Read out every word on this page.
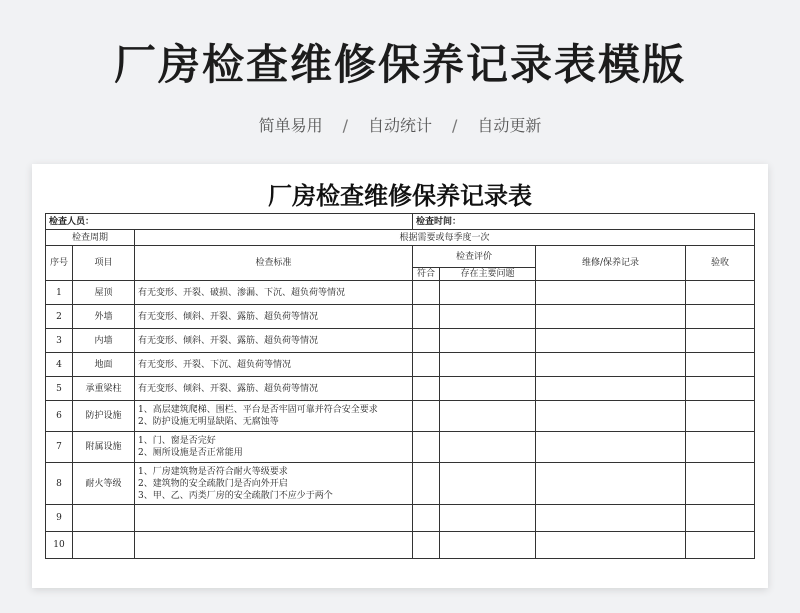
厂房检查维修保养记录表模版
简单易用 / 自动统计 / 自动更新
厂房检查维修保养记录表
检查人员：			检查时间：			
检查周期		根据需要或每季度一次				
序号	项目	检查标准	检查评价		维修/保养记录	验收
			符合	存在主要问题		
1	屋顶	有无变形、开裂、破损、渗漏、下沉、超负荷等情况				

2	外墙	有无变形、倾斜、开裂、露筋、超负荷等情况				

3	内墙	有无变形、倾斜、开裂、露筋、超负荷等情况				

4	地面	有无变形、开裂、下沉、超负荷等情况				

5	承重梁柱	有无变形、倾斜、开裂、露筋、超负荷等情况				

6	防护设施	1、高层建筑爬梯、围栏、平台是否牢固可靠并符合安全要求
2、防护设施无明显缺陷、无腐蚀等				

7	附属设施	1、门、窗是否完好
2、厕所设施是否正常能用				

8	耐火等级	1、厂房建筑物是否符合耐火等级要求
2、建筑物的安全疏散门是否向外开启
3、甲、乙、丙类厂房的安全疏散门不应少于两个				

9						
10						
